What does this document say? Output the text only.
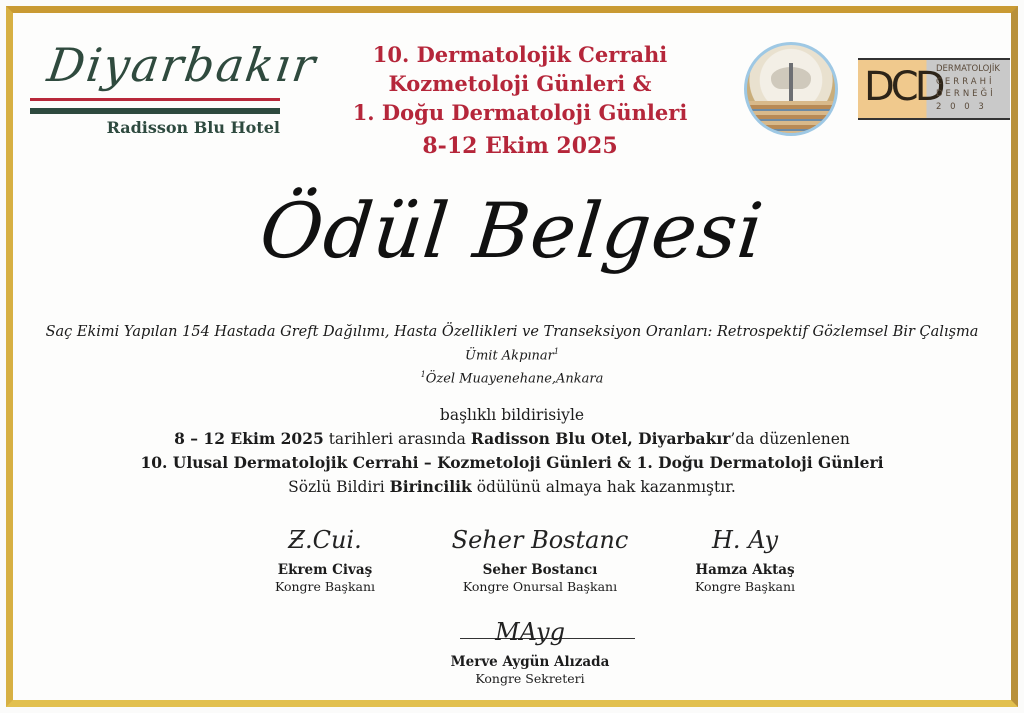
Diyarbakır
Radisson Blu Hotel
10. Dermatolojik Cerrahi
Kozmetoloji Günleri &
1. Doğu Dermatoloji Günleri
8-12 Ekim 2025
DCD
DERMATOLOJİK
CERRAHİ
DERNEĞİ
2 0 0 3
Ödül Belgesi
Saç Ekimi Yapılan 154 Hastada Greft Dağılımı, Hasta Özellikleri ve Transeksiyon Oranları: Retrospektif Gözlemsel Bir Çalışma
Ümit Akpınar$^1$
$^1$Özel Muayenehane,Ankara
başlıklı bildirisiyle
8 – 12 Ekim 2025 tarihleri arasında Radisson Blu Otel, Diyarbakır’da düzenlenen
10. Ulusal Dermatolojik Cerrahi – Kozmetoloji Günleri & 1. Doğu Dermatoloji Günleri
Sözlü Bildiri Birincilik ödülünü almaya hak kazanmıştır.
Ƶ.Cui.
Ekrem Civaş
Kongre Başkanı
Seher Bostanc
Seher Bostancı
Kongre Onursal Başkanı
H. Ay
Hamza Aktaş
Kongre Başkanı
MAyg
Merve Aygün Alızada
Kongre Sekreteri
